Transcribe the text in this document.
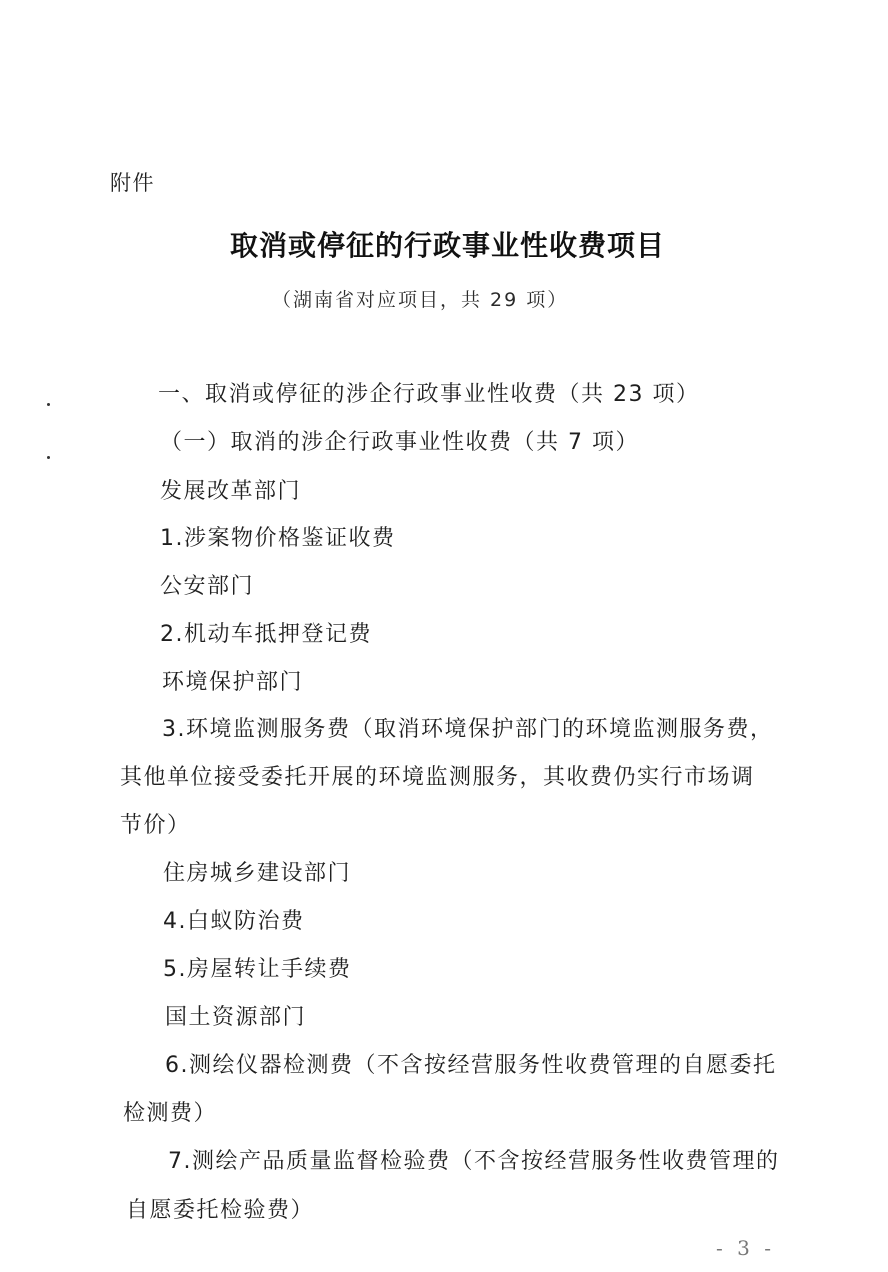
附件
取消或停征的行政事业性收费项目
（湖南省对应项目，共 29 项）
一、取消或停征的涉企行政事业性收费（共 23 项）
（一）取消的涉企行政事业性收费（共 7 项）
发展改革部门
1.涉案物价格鉴证收费
公安部门
2.机动车抵押登记费
环境保护部门
3.环境监测服务费（取消环境保护部门的环境监测服务费，
其他单位接受委托开展的环境监测服务，其收费仍实行市场调
节价）
住房城乡建设部门
4.白蚁防治费
5.房屋转让手续费
国土资源部门
6.测绘仪器检测费（不含按经营服务性收费管理的自愿委托
检测费）
7.测绘产品质量监督检验费（不含按经营服务性收费管理的
自愿委托检验费）
- 3 -
